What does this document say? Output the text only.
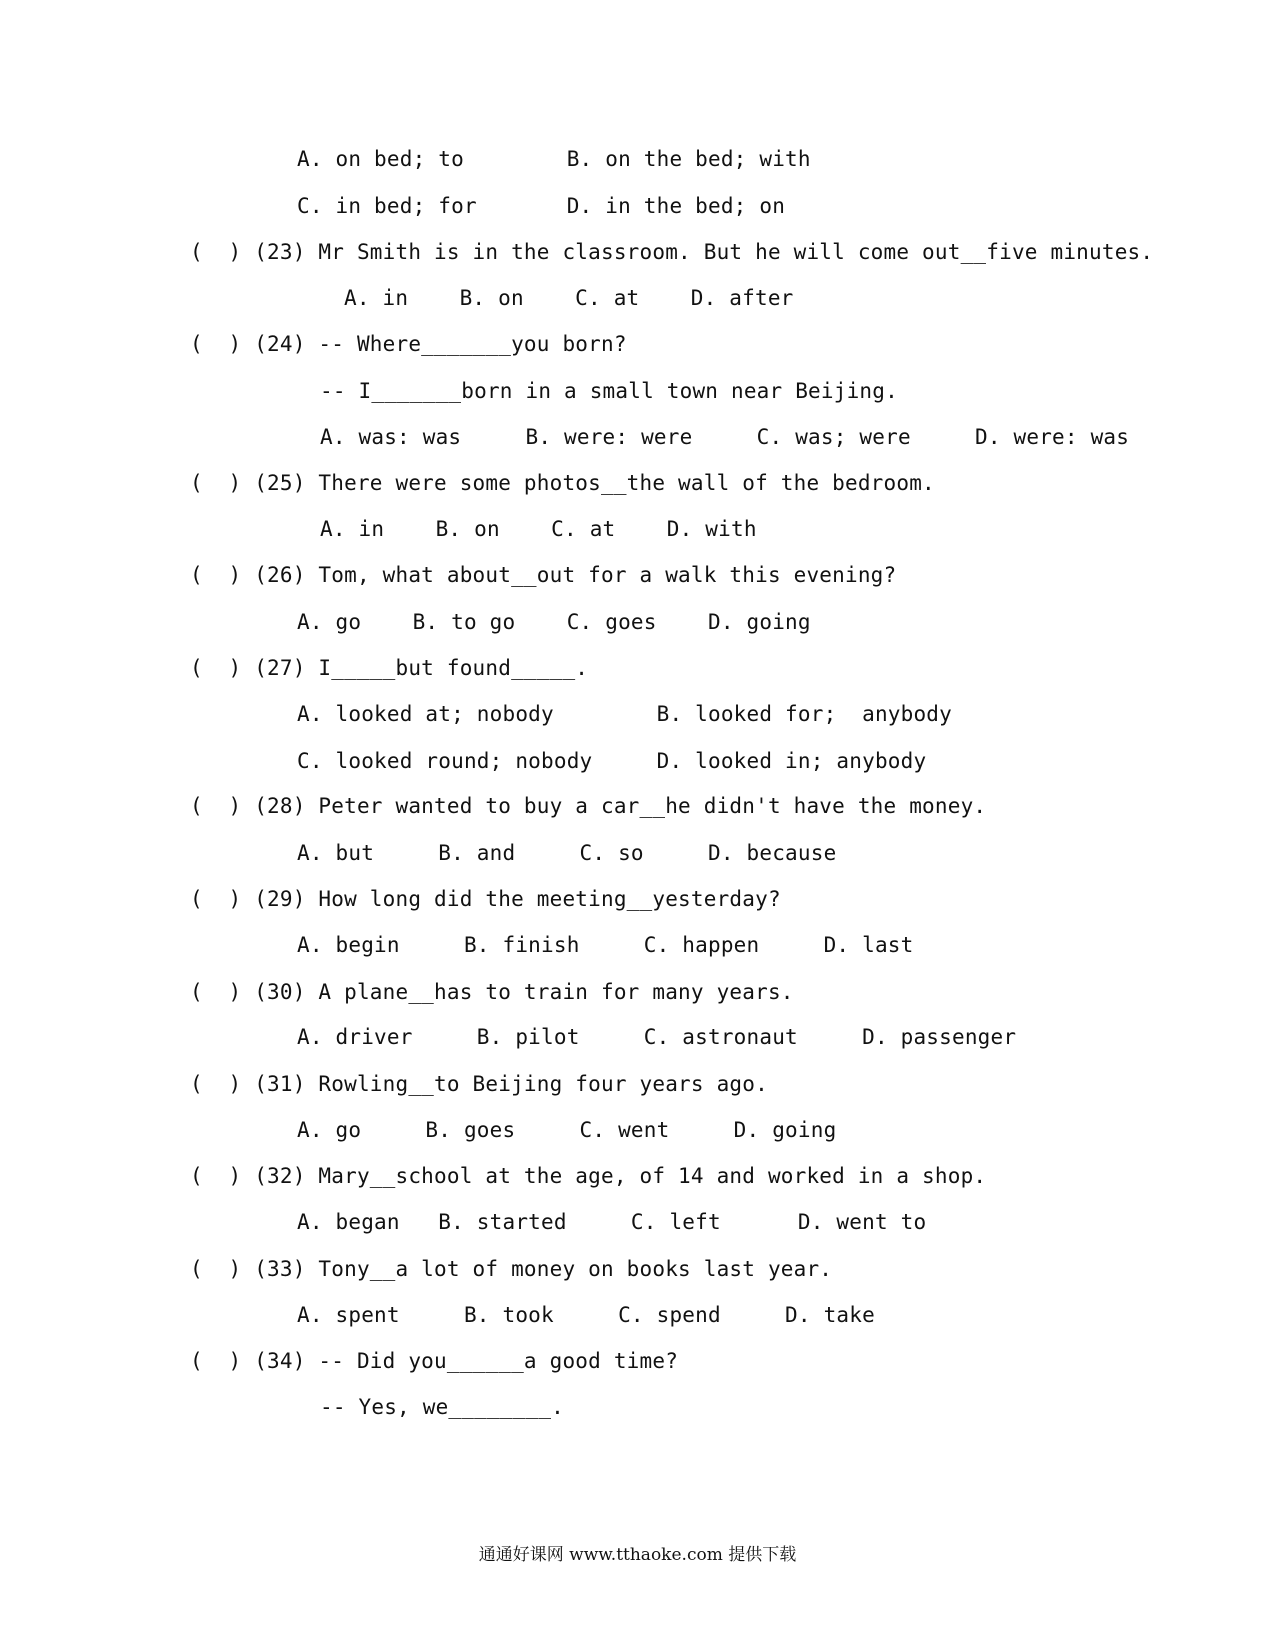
A. on bed; to        B. on the bed; with
C. in bed; for       D. in the bed; on
(  ) (23) Mr Smith is in the classroom. But he will come out__five minutes.
A. in    B. on    C. at    D. after
(  ) (24) -- Where_______you born?
-- I_______born in a small town near Beijing.
A. was: was     B. were: were     C. was; were     D. were: was
(  ) (25) There were some photos__the wall of the bedroom.
A. in    B. on    C. at    D. with
(  ) (26) Tom, what about__out for a walk this evening?
A. go    B. to go    C. goes    D. going
(  ) (27) I_____but found_____.
A. looked at; nobody        B. looked for;  anybody
C. looked round; nobody     D. looked in; anybody
(  ) (28) Peter wanted to buy a car__he didn't have the money.
A. but     B. and     C. so     D. because
(  ) (29) How long did the meeting__yesterday?
A. begin     B. finish     C. happen     D. last
(  ) (30) A plane__has to train for many years.
A. driver     B. pilot     C. astronaut     D. passenger
(  ) (31) Rowling__to Beijing four years ago.
A. go     B. goes     C. went     D. going
(  ) (32) Mary__school at the age, of 14 and worked in a shop.
A. began   B. started     C. left      D. went to
(  ) (33) Tony__a lot of money on books last year.
A. spent     B. took     C. spend     D. take
(  ) (34) -- Did you______a good time?
-- Yes, we________.
通通好课网 www.tthaoke.com 提供下载
